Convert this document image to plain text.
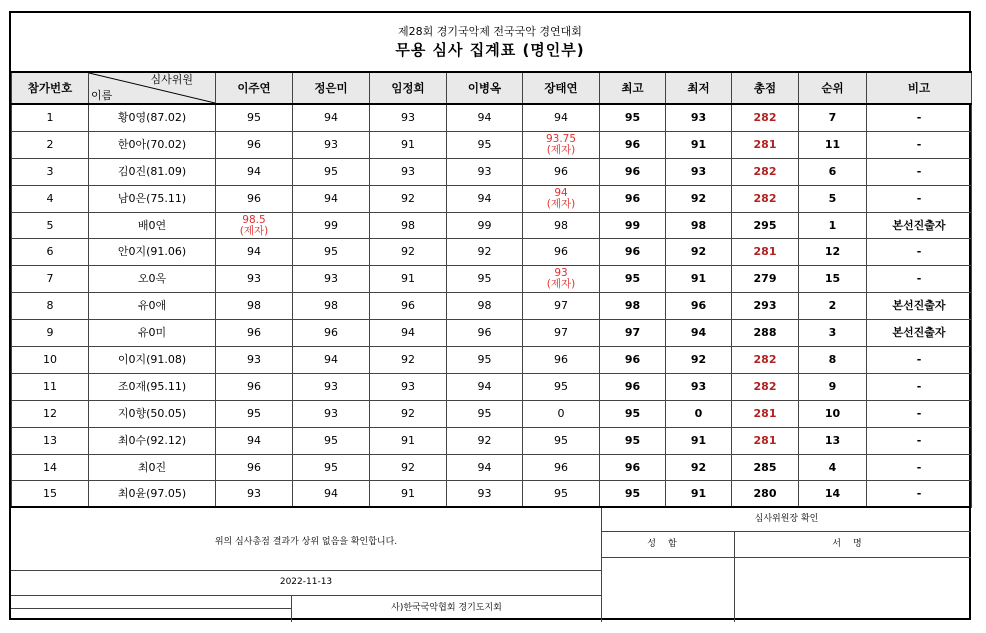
제28회 경기국악제 전국국악 경연대회
무용 심사 집계표 (명인부)
참가번호	심사위원
이름	이주연	정은미	임정희	이병옥	장태연	최고	최저	총점	순위	비고
1	황0영(87.02)	95	94	93	94	94	95	93	282	7	-
2	한0아(70.02)	96	93	91	95	93.75
(제자)	96	91	281	11	-
3	김0진(81.09)	94	95	93	93	96	96	93	282	6	-
4	남0은(75.11)	96	94	92	94	94
(제자)	96	92	282	5	-
5	배0연	98.5
(제자)	99	98	99	98	99	98	295	1	본선진출자
6	안0지(91.06)	94	95	92	92	96	96	92	281	12	-
7	오0옥	93	93	91	95	93
(제자)	95	91	279	15	-
8	유0애	98	98	96	98	97	98	96	293	2	본선진출자
9	유0미	96	96	94	96	97	97	94	288	3	본선진출자
10	이0지(91.08)	93	94	92	95	96	96	92	282	8	-
11	조0재(95.11)	96	93	93	94	95	96	93	282	9	-
12	지0향(50.05)	95	93	92	95	0	95	0	281	10	-
13	최0수(92.12)	94	95	91	92	95	95	91	281	13	-
14	최0진	96	95	92	94	96	96	92	285	4	-
15	최0윤(97.05)	93	94	91	93	95	95	91	280	14	-
위의 심사총점 결과가 상위 없음을 확인합니다.
2022-11-13
사)한국국악협회 경기도지회
심사위원장 확인
성함	서명
